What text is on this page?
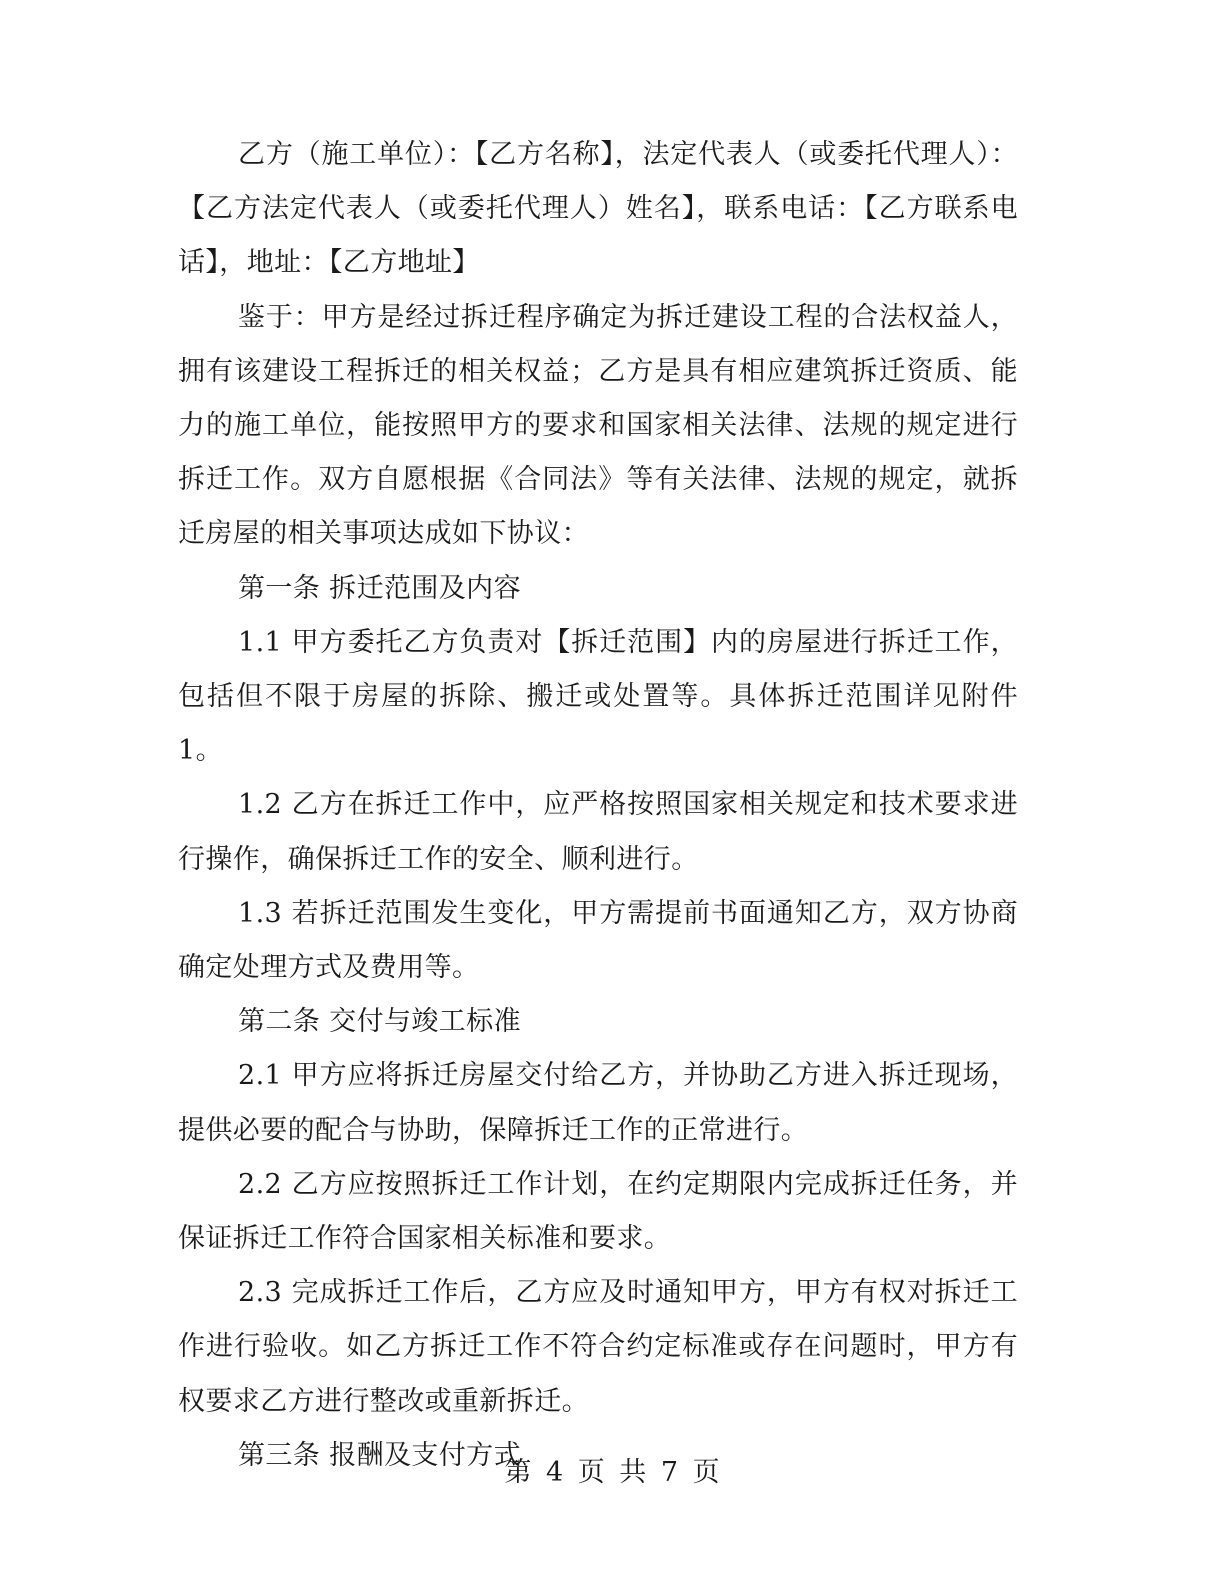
乙方（施工单位）：【乙方名称】，法定代表人（或委托代理人）：【乙方法定代表人（或委托代理人）姓名】，联系电话：【乙方联系电话】，地址：【乙方地址】

鉴于：甲方是经过拆迁程序确定为拆迁建设工程的合法权益人，拥有该建设工程拆迁的相关权益；乙方是具有相应建筑拆迁资质、能力的施工单位，能按照甲方的要求和国家相关法律、法规的规定进行拆迁工作。双方自愿根据《合同法》等有关法律、法规的规定，就拆迁房屋的相关事项达成如下协议：

第一条 拆迁范围及内容

1.1 甲方委托乙方负责对【拆迁范围】内的房屋进行拆迁工作，包括但不限于房屋的拆除、搬迁或处置等。具体拆迁范围详见附件 1。

1.2 乙方在拆迁工作中，应严格按照国家相关规定和技术要求进行操作，确保拆迁工作的安全、顺利进行。

1.3 若拆迁范围发生变化，甲方需提前书面通知乙方，双方协商确定处理方式及费用等。

第二条 交付与竣工标准

2.1 甲方应将拆迁房屋交付给乙方，并协助乙方进入拆迁现场，提供必要的配合与协助，保障拆迁工作的正常进行。

2.2 乙方应按照拆迁工作计划，在约定期限内完成拆迁任务，并保证拆迁工作符合国家相关标准和要求。

2.3 完成拆迁工作后，乙方应及时通知甲方，甲方有权对拆迁工作进行验收。如乙方拆迁工作不符合约定标准或存在问题时，甲方有权要求乙方进行整改或重新拆迁。

第三条 报酬及支付方式

第 4 页 共 7 页
